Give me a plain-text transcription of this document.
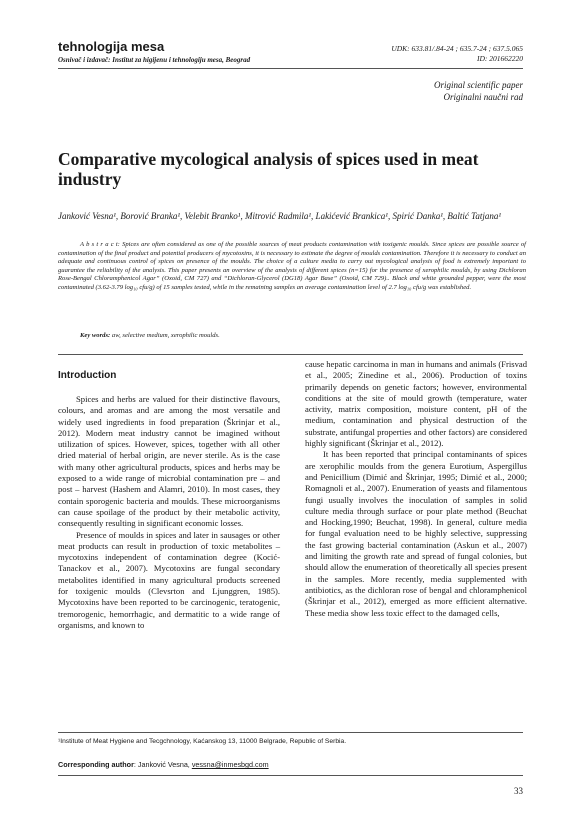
tehnologija mesa
Osnivač i izdavač: Institut za higijenu i tehnologiju mesa, Beograd
UDK: 633.81/.84-24 ; 635.7-24 ; 637.5.065
ID: 201662220
Original scientific paper
Originalni naučni rad
Comparative mycological analysis of spices used in meat industry
Janković Vesna¹, Borović Branka¹, Velebit Branko¹, Mitrović Radmila¹, Lakićević Brankica¹, Spirić Danka¹, Baltić Tatjana¹
A b s t r a c t: Spices are often considered as one of the possible sources of meat products contamination with toxigenic moulds. Since spices are possible source of contamination of the final product and potential producers of mycotoxins, it is necessary to estimate the degree of moulds contamination. Therefore it is necessary to conduct an adequate and continuous control of spices on presence of the moulds. The choice of a culture media to carry out mycological analysis of food is extremely important to guarantee the reliability of the analysis. This paper presents an overview of the analysis of different spices (n=15) for the presence of xerophilic moulds, by using Dichloran Rose-Bengal Chloramphenicol Agar” (Oxoid, CM 727) and “Dichloran-Glycerol (DG18) Agar Base” (Oxoid, CM 729).. Black and white grounded pepper, were the most contaminated (3.62-3.79 log₁₀ cfu/g) of 15 samples tested, while in the remaining samples an average contamination level of 2.7 log₁₀ cfu/g was established.
Key words: aw, selective medium, xerophilic moulds.
Introduction

Spices and herbs are valued for their distinctive flavours, colours, and aromas and are among the most versatile and widely used ingredients in food preparation (Škrinjar et al., 2012). Modern meat industry cannot be imagined without utilization of spices. However, spices, together with all other dried material of herbal origin, are never sterile. As is the case with many other agricultural products, spices and herbs may be exposed to a wide range of microbial contamination pre – and post – harvest (Hashem and Alamri, 2010). In most cases, they contain sporogenic bacteria and moulds. These microorganisms can cause spoilage of the product by their metabolic activity, consequently resulting in significant economic losses.

Presence of moulds in spices and later in sausages or other meat products can result in production of toxic metabolites – mycotoxins independent of contamination degree (Kocić-Tanackov et al., 2007). Mycotoxins are fungal secondary metabolites identified in many agricultural products screened for toxigenic moulds (Clevsrton and Ljunggren, 1985). Mycotoxins have been reported to be carcinogenic, teratogenic, tremorogenic, hemorrhagic, and dermatitic to a wide range of organisms, and known to

cause hepatic carcinoma in man in humans and animals (Frisvad et al., 2005; Zinedine et al., 2006). Production of toxins primarily depends on genetic factors; however, environmental conditions at the site of mould growth (temperature, water activity, matrix composition, moisture content, pH of the medium, contamination and physical destruction of the substrate, antifungal properties and other factors) are considered highly significant (Škrinjar et al., 2012).

It has been reported that principal contaminants of spices are xerophilic moulds from the genera Eurotium, Aspergillus and Penicillium (Dimić and Škrinjar, 1995; Dimić et al., 2000; Romagnoli et al., 2007). Enumeration of yeasts and filamentous fungi usually involves the inoculation of samples in solid culture media through surface or pour plate method (Beuchat and Hocking,1990; Beuchat, 1998). In general, culture media for fungal evaluation need to be highly selective, suppressing the fast growing bacterial contamination (Askun et al., 2007) and limiting the growth rate and spread of fungal colonies, but should allow the enumeration of theoretically all species present in the samples. More recently, media supplemented with antibiotics, as the dichloran rose of bengal and chloramphenicol (Škrinjar et al., 2012), emerged as more efficient alternative. These media show less toxic effect to the damaged cells,

¹Institute of Meat Hygiene and Tecgchnology, Kaćanskog 13, 11000 Belgrade, Republic of Serbia.
Corresponding author: Janković Vesna, vessna@inmesbgd.com
33
